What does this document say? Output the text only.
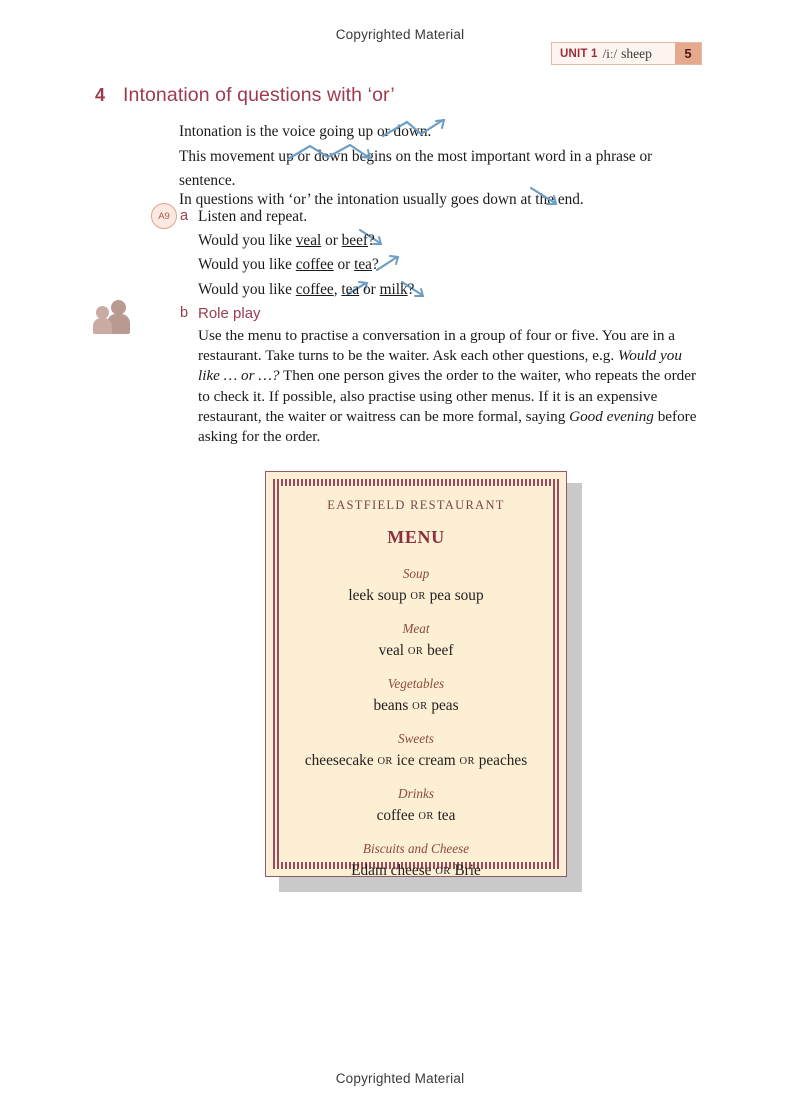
Copyrighted Material
UNIT 1 /iː/ sheep	5
4 Intonation of questions with ‘or’
Intonation is the voice going up or down.
This movement up or down begins on the most important word in a phrase or sentence.
In questions with ‘or’ the intonation usually goes down at the end.
A9 a Listen and repeat.
Would you like veal or beef?
Would you like coffee or tea?
Would you like coffee, tea or milk?
b Role play
Use the menu to practise a conversation in a group of four or five. You are in a restaurant. Take turns to be the waiter. Ask each other questions, e.g. Would you like … or …? Then one person gives the order to the waiter, who repeats the order to check it. If possible, also practise using other menus. If it is an expensive restaurant, the waiter or waitress can be more formal, saying Good evening before asking for the order.
EASTFIELD RESTAURANT
MENU
Soup
leek soup OR pea soup
Meat
veal OR beef
Vegetables
beans OR peas
Sweets
cheesecake OR ice cream OR peaches
Drinks
coffee OR tea
Biscuits and Cheese
Edam cheese OR Brie
Copyrighted Material
